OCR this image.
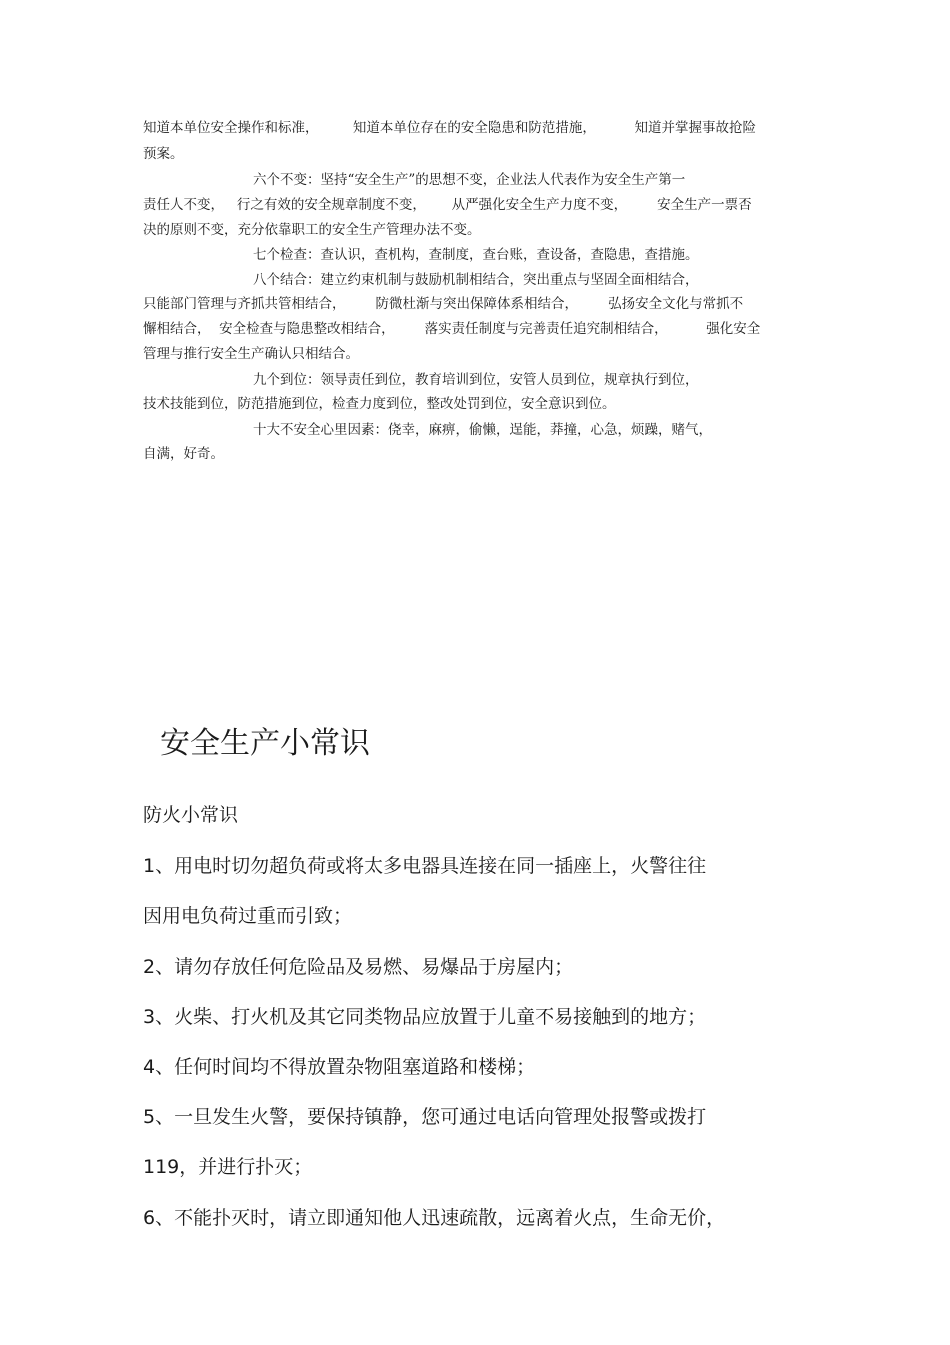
知道本单位安全操作和标准，        知道本单位存在的安全隐患和防范措施，         知道并掌握事故抢险
预案。
六个不变：坚持“安全生产”的思想不变，企业法人代表作为安全生产第一
责任人不变，   行之有效的安全规章制度不变，      从严强化安全生产力度不变，       安全生产一票否
决的原则不变，充分依靠职工的安全生产管理办法不变。
七个检查：查认识，查机构，查制度，查台账，查设备，查隐患，查措施。
八个结合：建立约束机制与鼓励机制相结合，突出重点与坚固全面相结合，
只能部门管理与齐抓共管相结合，       防微杜渐与突出保障体系相结合，       弘扬安全文化与常抓不
懈相结合，  安全检查与隐患整改相结合，       落实责任制度与完善责任追究制相结合，         强化安全
管理与推行安全生产确认只相结合。
九个到位：领导责任到位，教育培训到位，安管人员到位，规章执行到位，
技术技能到位，防范措施到位，检查力度到位，整改处罚到位，安全意识到位。
十大不安全心里因素：侥幸，麻痹，偷懒，逞能，莽撞，心急，烦躁，赌气，
自满，好奇。
安全生产小常识
防火小常识
1、用电时切勿超负荷或将太多电器具连接在同一插座上，火警往往
因用电负荷过重而引致；
2、请勿存放任何危险品及易燃、易爆品于房屋内；
3、火柴、打火机及其它同类物品应放置于儿童不易接触到的地方；
4、任何时间均不得放置杂物阻塞道路和楼梯；
5、一旦发生火警，要保持镇静，您可通过电话向管理处报警或拨打
119，并进行扑灭；
6、不能扑灭时，请立即通知他人迅速疏散，远离着火点，生命无价，
